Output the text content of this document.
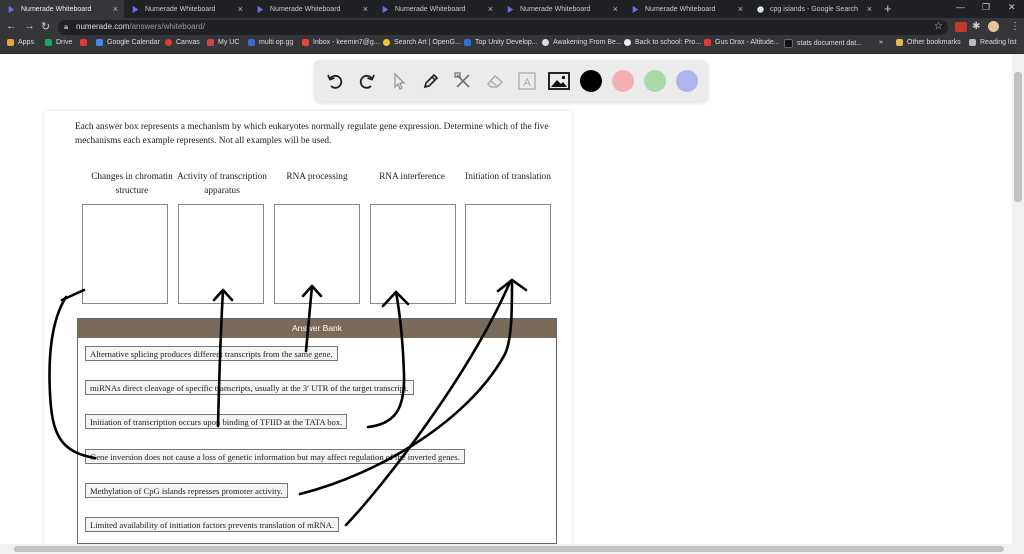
Numerade Whiteboard ×	Numerade Whiteboard ×	Numerade Whiteboard ×	Numerade Whiteboard ×	Numerade Whiteboard ×	Numerade Whiteboard × G cpg islands - Google Search × +	— ❐ ✕
← → ↻ 🔒︎ numerade.com/answers/whiteboard/	☆	✱	⋮
Apps	Drive	Google Calendar Canvas	My UC	multi op.gg	Inbox - keemin7@g... Search Art | OpenG... Top Unity Develop... Awakening From Be... Back to school: Pro... Gus Drax - Altitude... stats document dat... »	Other bookmarks	Reading list
A
Each answer box represents a mechanism by which eukaryotes normally regulate gene expression. Determine which of the five mechanisms each example represents. Not all examples will be used.
Changes in chromatin structure
Activity of transcription apparatus
RNA processing	RNA interference	Initiation of translation
Answer Bank
Alternative splicing produces different transcripts from the same gene.
miRNAs direct cleavage of specific transcripts, usually at the 3′ UTR of the target transcript.
Initiation of transcription occurs upon binding of TFIID at the TATA box.
Gene inversion does not cause a loss of genetic information but may affect regulation of the inverted genes.
Methylation of CpG islands represses promoter activity.
Limited availability of initiation factors prevents translation of mRNA.
